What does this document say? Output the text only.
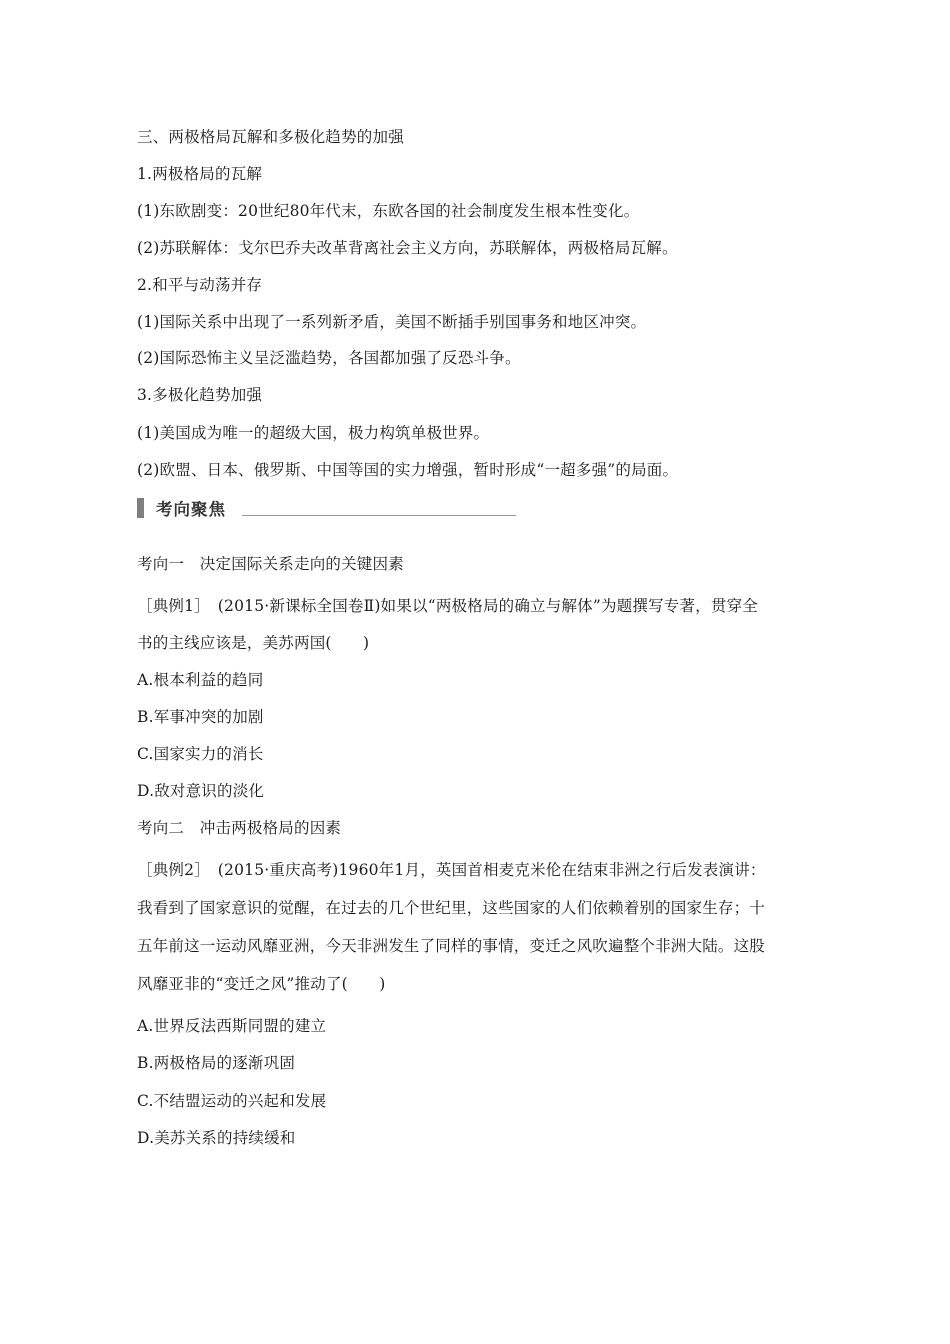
三、两极格局瓦解和多极化趋势的加强
1.两极格局的瓦解
(1)东欧剧变：20世纪80年代末，东欧各国的社会制度发生根本性变化。
(2)苏联解体：戈尔巴乔夫改革背离社会主义方向，苏联解体，两极格局瓦解。
2.和平与动荡并存
(1)国际关系中出现了一系列新矛盾，美国不断插手别国事务和地区冲突。
(2)国际恐怖主义呈泛滥趋势，各国都加强了反恐斗争。
3.多极化趋势加强
(1)美国成为唯一的超级大国，极力构筑单极世界。
(2)欧盟、日本、俄罗斯、中国等国的实力增强，暂时形成“一超多强”的局面。
考向聚焦
考向一　决定国际关系走向的关键因素
［典例1］　(2015·新课标全国卷Ⅱ)如果以“两极格局的确立与解体”为题撰写专著，贯穿全
书的主线应该是，美苏两国(　　)
A.根本利益的趋同
B.军事冲突的加剧
C.国家实力的消长
D.敌对意识的淡化
考向二　冲击两极格局的因素
［典例2］　(2015·重庆高考)1960年1月，英国首相麦克米伦在结束非洲之行后发表演讲：
我看到了国家意识的觉醒，在过去的几个世纪里，这些国家的人们依赖着别的国家生存；十
五年前这一运动风靡亚洲，今天非洲发生了同样的事情，变迁之风吹遍整个非洲大陆。这股
风靡亚非的“变迁之风”推动了(　　)
A.世界反法西斯同盟的建立
B.两极格局的逐渐巩固
C.不结盟运动的兴起和发展
D.美苏关系的持续缓和
